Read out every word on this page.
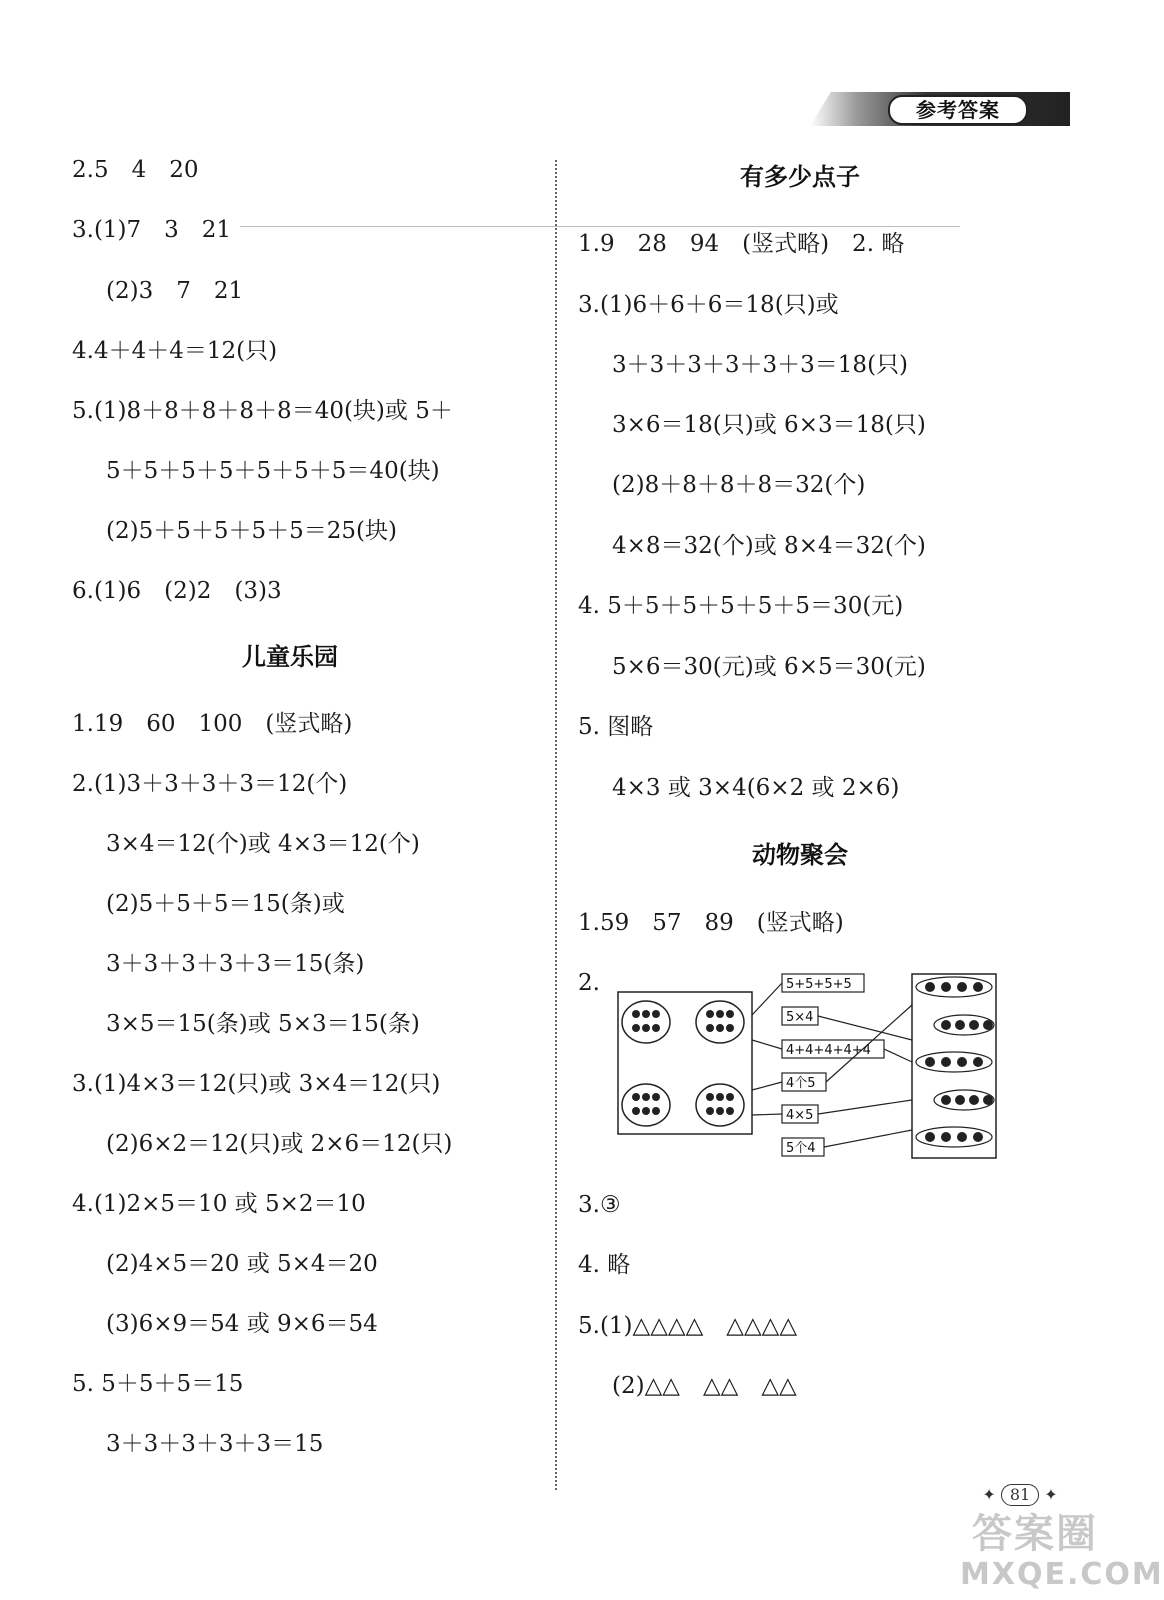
参考答案
2.5　4　20
3.(1)7　3　21
(2)3　7　21
4.4＋4＋4＝12(只)
5.(1)8＋8＋8＋8＋8＝40(块)或 5＋
5＋5＋5＋5＋5＋5＋5＝40(块)
(2)5＋5＋5＋5＋5＝25(块)
6.(1)6　(2)2　(3)3
儿童乐园
1.19　60　100　(竖式略)
2.(1)3＋3＋3＋3＝12(个)
3×4＝12(个)或 4×3＝12(个)
(2)5＋5＋5＝15(条)或
3＋3＋3＋3＋3＝15(条)
3×5＝15(条)或 5×3＝15(条)
3.(1)4×3＝12(只)或 3×4＝12(只)
(2)6×2＝12(只)或 2×6＝12(只)
4.(1)2×5＝10 或 5×2＝10
(2)4×5＝20 或 5×4＝20
(3)6×9＝54 或 9×6＝54
5. 5＋5＋5＝15
3＋3＋3＋3＋3＝15
有多少点子
1.9　28　94　(竖式略)　2. 略
3.(1)6＋6＋6＝18(只)或
3＋3＋3＋3＋3＋3＝18(只)
3×6＝18(只)或 6×3＝18(只)
(2)8＋8＋8＋8＝32(个)
4×8＝32(个)或 8×4＝32(个)
4. 5＋5＋5＋5＋5＋5＝30(元)
5×6＝30(元)或 6×5＝30(元)
5. 图略
4×3 或 3×4(6×2 或 2×6)
动物聚会
1.59　57　89　(竖式略)
2.	5+5+5+5
5×4
4+4+4+4+4
4个5
4×5
5个4
3.③
4. 略
5.(1)△△△△　△△△△
(2)△△　△△　△△
✦ 81 ✦
答案圈
MXQE.COM
